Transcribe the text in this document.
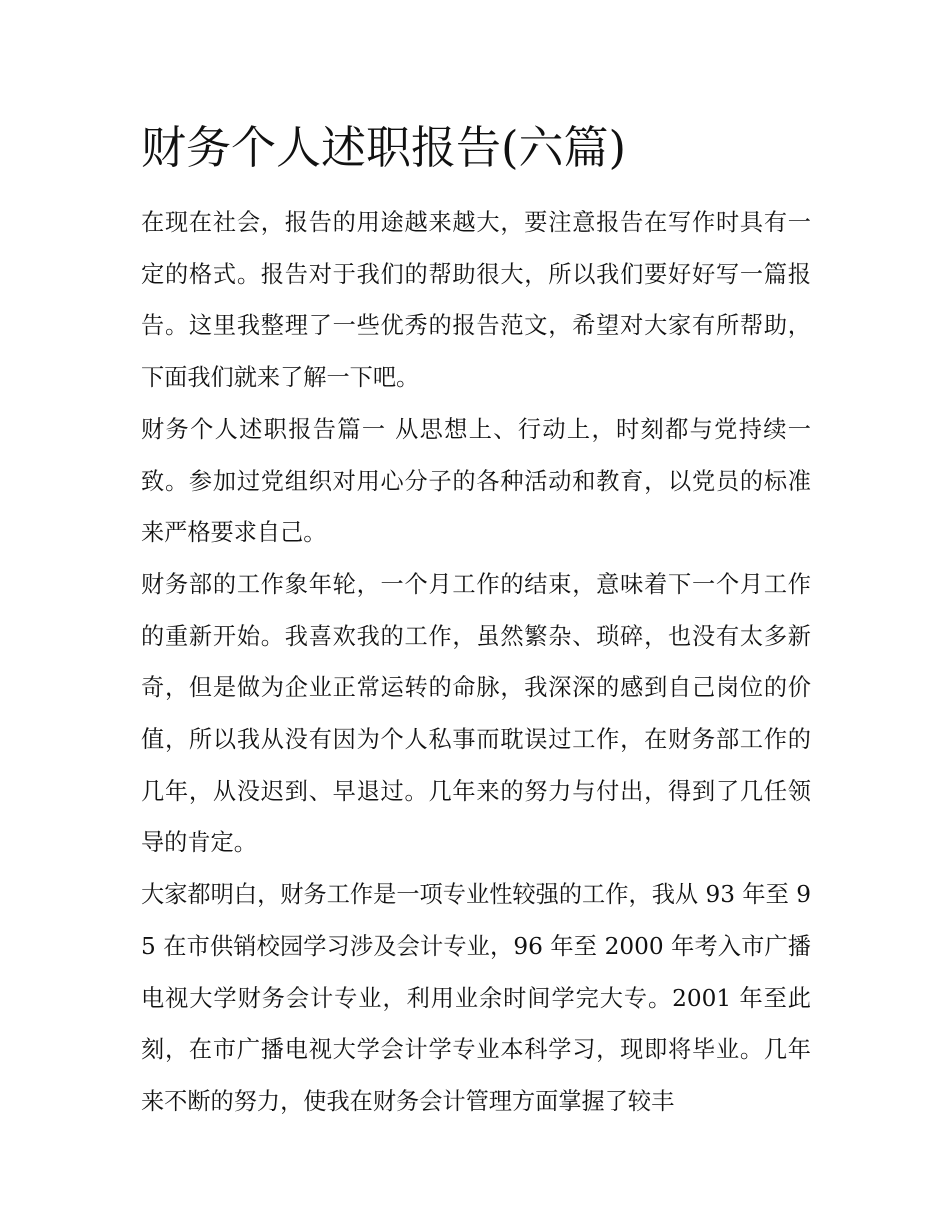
财务个人述职报告(六篇)

在现在社会，报告的用途越来越大，要注意报告在写作时具有一定的格式。报告对于我们的帮助很大，所以我们要好好写一篇报告。这里我整理了一些优秀的报告范文，希望对大家有所帮助，下面我们就来了解一下吧。

财务个人述职报告篇一 从思想上、行动上，时刻都与党持续一致。参加过党组织对用心分子的各种活动和教育，以党员的标准来严格要求自己。

财务部的工作象年轮，一个月工作的结束，意味着下一个月工作的重新开始。我喜欢我的工作，虽然繁杂、琐碎，也没有太多新奇，但是做为企业正常运转的命脉，我深深的感到自己岗位的价值，所以我从没有因为个人私事而耽误过工作，在财务部工作的几年，从没迟到、早退过。几年来的努力与付出，得到了几任领导的肯定。

大家都明白，财务工作是一项专业性较强的工作，我从 93 年至 95 在市供销校园学习涉及会计专业，96 年至 2000 年考入市广播电视大学财务会计专业，利用业余时间学完大专。2001 年至此刻，在市广播电视大学会计学专业本科学习，现即将毕业。几年来不断的努力，使我在财务会计管理方面掌握了较丰
